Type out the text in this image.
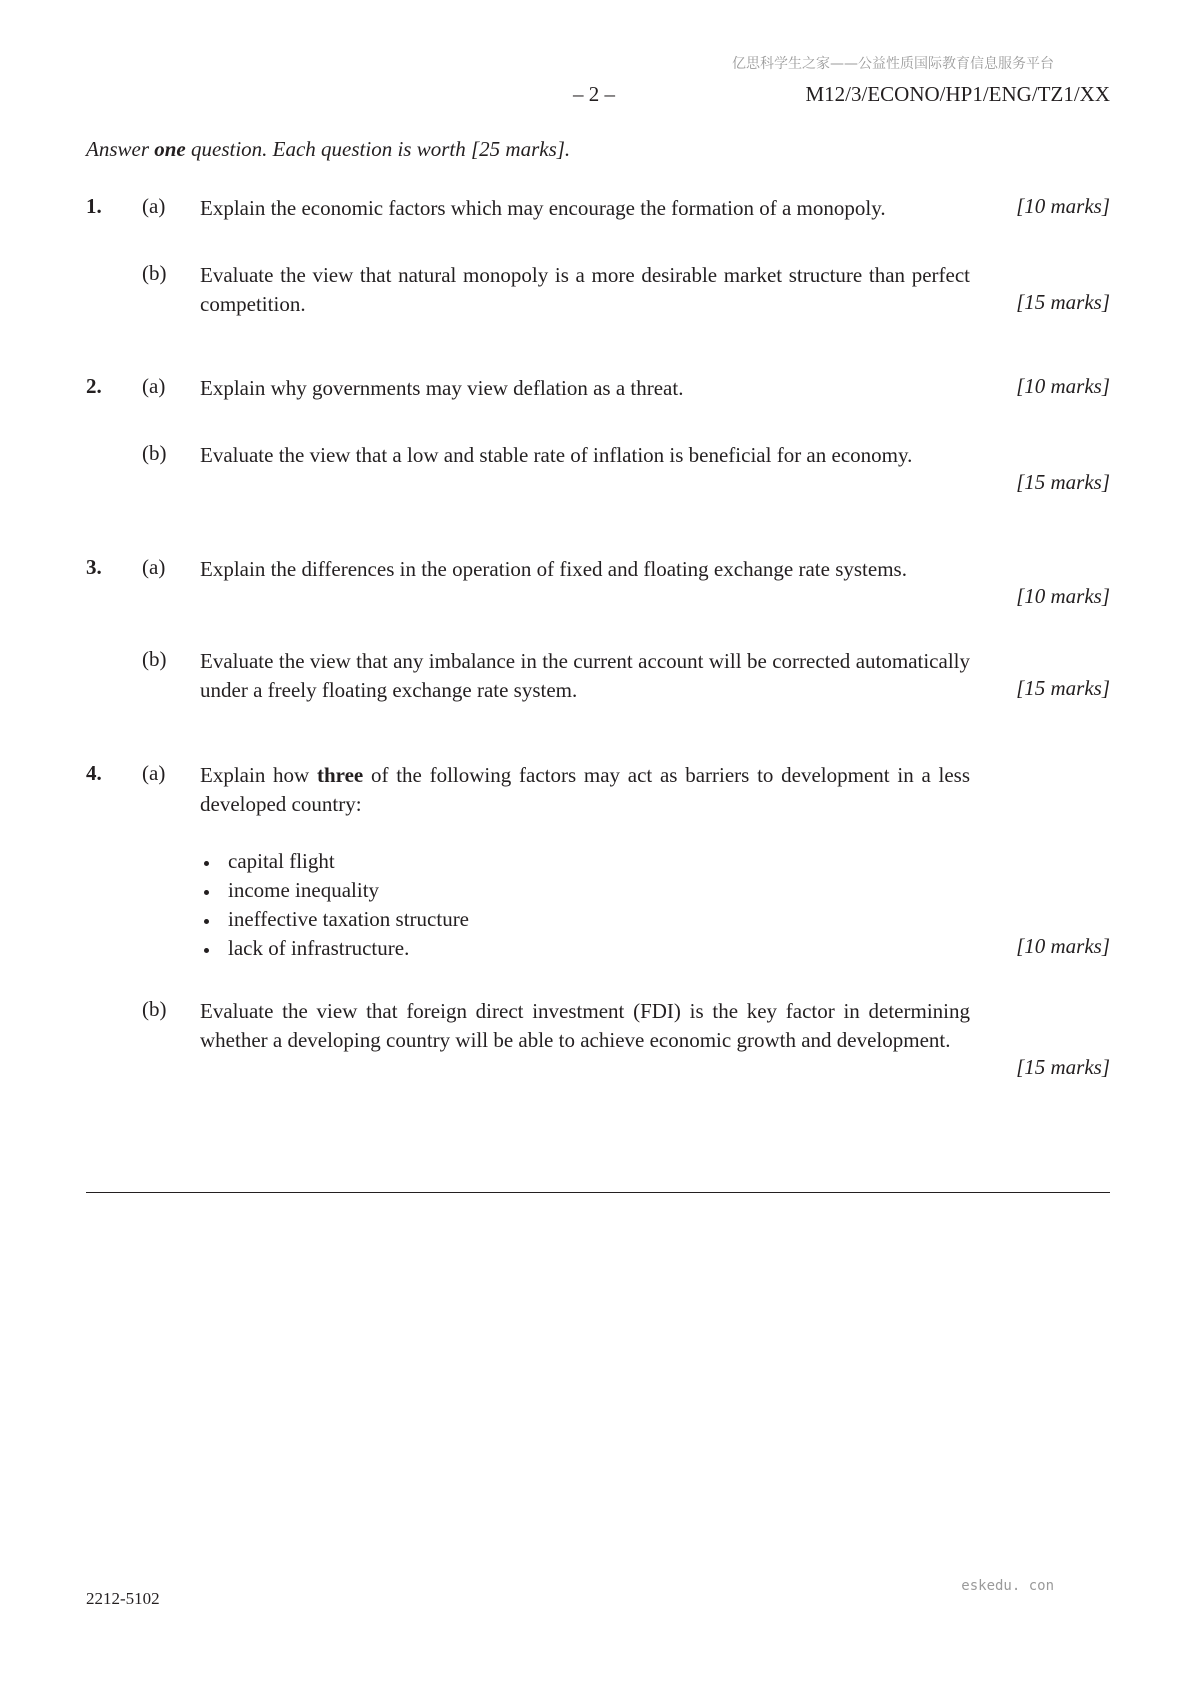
亿思科学生之家——公益性质国际教育信息服务平台
– 2 –	M12/3/ECONO/HP1/ENG/TZ1/XX
Answer one question. Each question is worth [25 marks].
1. (a) Explain the economic factors which may encourage the formation of a monopoly.	[10 marks]
(b) Evaluate the view that natural monopoly is a more desirable market structure than perfect competition.	[15 marks]
2. (a) Explain why governments may view deflation as a threat.	[10 marks]
(b) Evaluate the view that a low and stable rate of inflation is beneficial for an economy.
[15 marks]
3. (a) Explain the differences in the operation of fixed and floating exchange rate systems.
[10 marks]
(b) Evaluate the view that any imbalance in the current account will be corrected automatically under a freely floating exchange rate system.	[15 marks]
4. (a) Explain how three of the following factors may act as barriers to development in a less developed country:
capital flight
income inequality
ineffective taxation structure
lack of infrastructure.	[10 marks]
(b) Evaluate the view that foreign direct investment (FDI) is the key factor in determining whether a developing country will be able to achieve economic growth and development.
[15 marks]
2212-5102
eskedu. con
